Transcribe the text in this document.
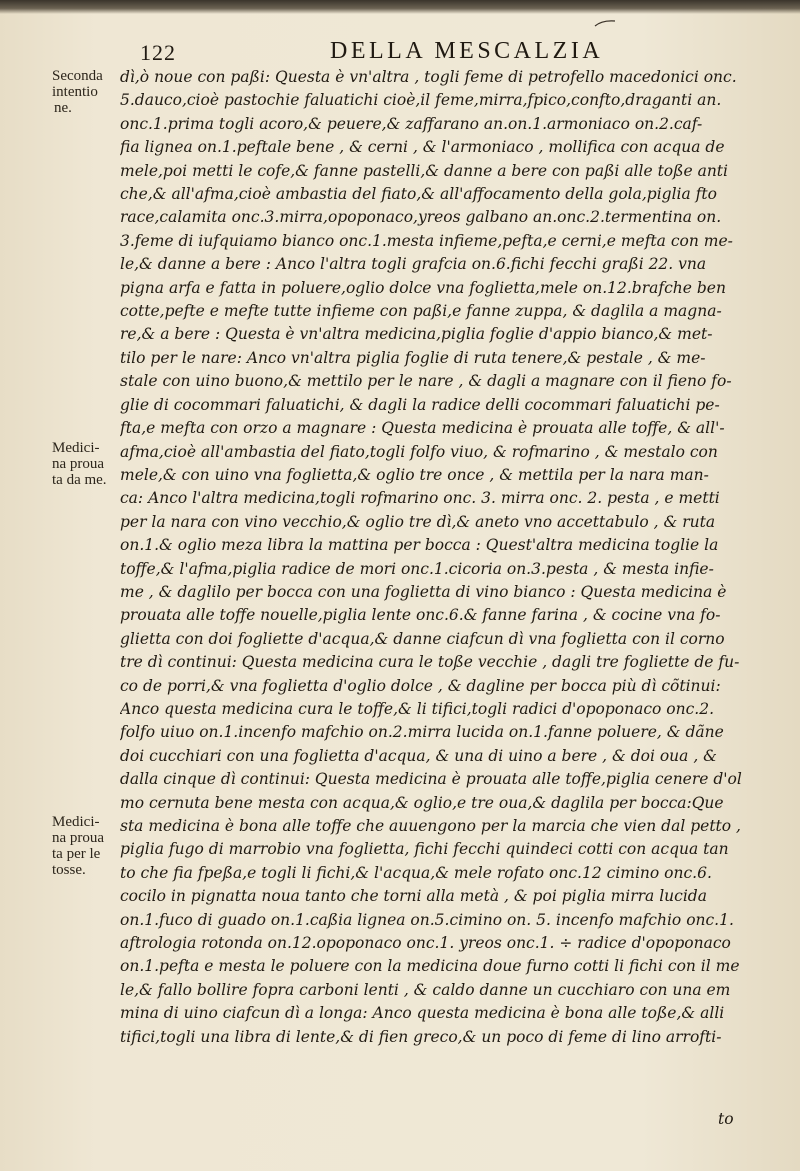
122	DELLA MESCALZIA
Seconda
intentio
ne.
Medici-
na proua
ta da me.
Medici-
na proua
ta per le
tosse.
dì,ò noue con paßi: Questa è vn'altra , togli feme di petrofello macedonici onc.
5.dauco,cioè pastochie faluatichi cioè,il feme,mirra,fpico,confto,draganti an.
onc.1.prima togli acoro,& peuere,& zaffarano an.on.1.armoniaco on.2.caf-
fia lignea on.1.peftale bene , & cerni , & l'armoniaco , mollifica con acqua de
mele,poi metti le cofe,& fanne pastelli,& danne a bere con paßi alle toße anti
che,& all'afma,cioè ambastia del fiato,& all'affocamento della gola,piglia fto
race,calamita onc.3.mirra,opoponaco,yreos galbano an.onc.2.termentina on.
3.feme di iufquiamo bianco onc.1.mesta infieme,pefta,e cerni,e mefta con me-
le,& danne a bere : Anco l'altra togli grafcia on.6.fichi fecchi graßi 22. vna
pigna arfa e fatta in poluere,oglio dolce vna foglietta,mele on.12.brafche ben
cotte,pefte e mefte tutte infieme con paßi,e fanne zuppa, & daglila a magna-
re,& a bere : Questa è vn'altra medicina,piglia foglie d'appio bianco,& met-
tilo per le nare: Anco vn'altra piglia foglie di ruta tenere,& pestale , & me-
stale con uino buono,& mettilo per le nare , & dagli a magnare con il fieno fo-
glie di cocommari faluatichi, & dagli la radice delli cocommari faluatichi pe-
fta,e mefta con orzo a magnare : Questa medicina è prouata alle toffe, & all'-
afma,cioè all'ambastia del fiato,togli folfo viuo, & rofmarino , & mestalo con
mele,& con uino vna foglietta,& oglio tre once , & mettila per la nara man-
ca: Anco l'altra medicina,togli rofmarino onc. 3. mirra onc. 2. pesta , e metti
per la nara con vino vecchio,& oglio tre dì,& aneto vno accettabulo , & ruta
on.1.& oglio meza libra la mattina per bocca : Quest'altra medicina toglie la
toffe,& l'afma,piglia radice de mori onc.1.cicoria on.3.pesta , & mesta infie-
me , & daglilo per bocca con una foglietta di vino bianco : Questa medicina è
prouata alle toffe nouelle,piglia lente onc.6.& fanne farina , & cocine vna fo-
glietta con doi fogliette d'acqua,& danne ciafcun dì vna foglietta con il corno
tre dì continui: Questa medicina cura le toße vecchie , dagli tre fogliette de fu-
co de porri,& vna foglietta d'oglio dolce , & dagline per bocca più dì cõtinui:
Anco questa medicina cura le toffe,& li tifici,togli radici d'opoponaco onc.2.
folfo uiuo on.1.incenfo mafchio on.2.mirra lucida on.1.fanne poluere, & dãne
doi cucchiari con una foglietta d'acqua, & una di uino a bere , & doi oua , &
dalla cinque dì continui: Questa medicina è prouata alle toffe,piglia cenere d'ol
mo cernuta bene mesta con acqua,& oglio,e tre oua,& daglila per bocca:Que
sta medicina è bona alle toffe che auuengono per la marcia che vien dal petto ,
piglia fugo di marrobio vna foglietta, fichi fecchi quindeci cotti con acqua tan
to che fia fpeßa,e togli li fichi,& l'acqua,& mele rofato onc.12 cimino onc.6.
cocilo in pignatta noua tanto che torni alla metà , & poi piglia mirra lucida
on.1.fuco di guado on.1.caßia lignea on.5.cimino on. 5. incenfo mafchio onc.1.
aftrologia rotonda on.12.opoponaco onc.1. yreos onc.1. ÷ radice d'opoponaco
on.1.pefta e mesta le poluere con la medicina doue furno cotti li fichi con il me
le,& fallo bollire fopra carboni lenti , & caldo danne un cucchiaro con una em
mina di uino ciafcun dì a longa: Anco questa medicina è bona alle toße,& alli
tifici,togli una libra di lente,& di fien greco,& un poco di feme di lino arrofti-
to
